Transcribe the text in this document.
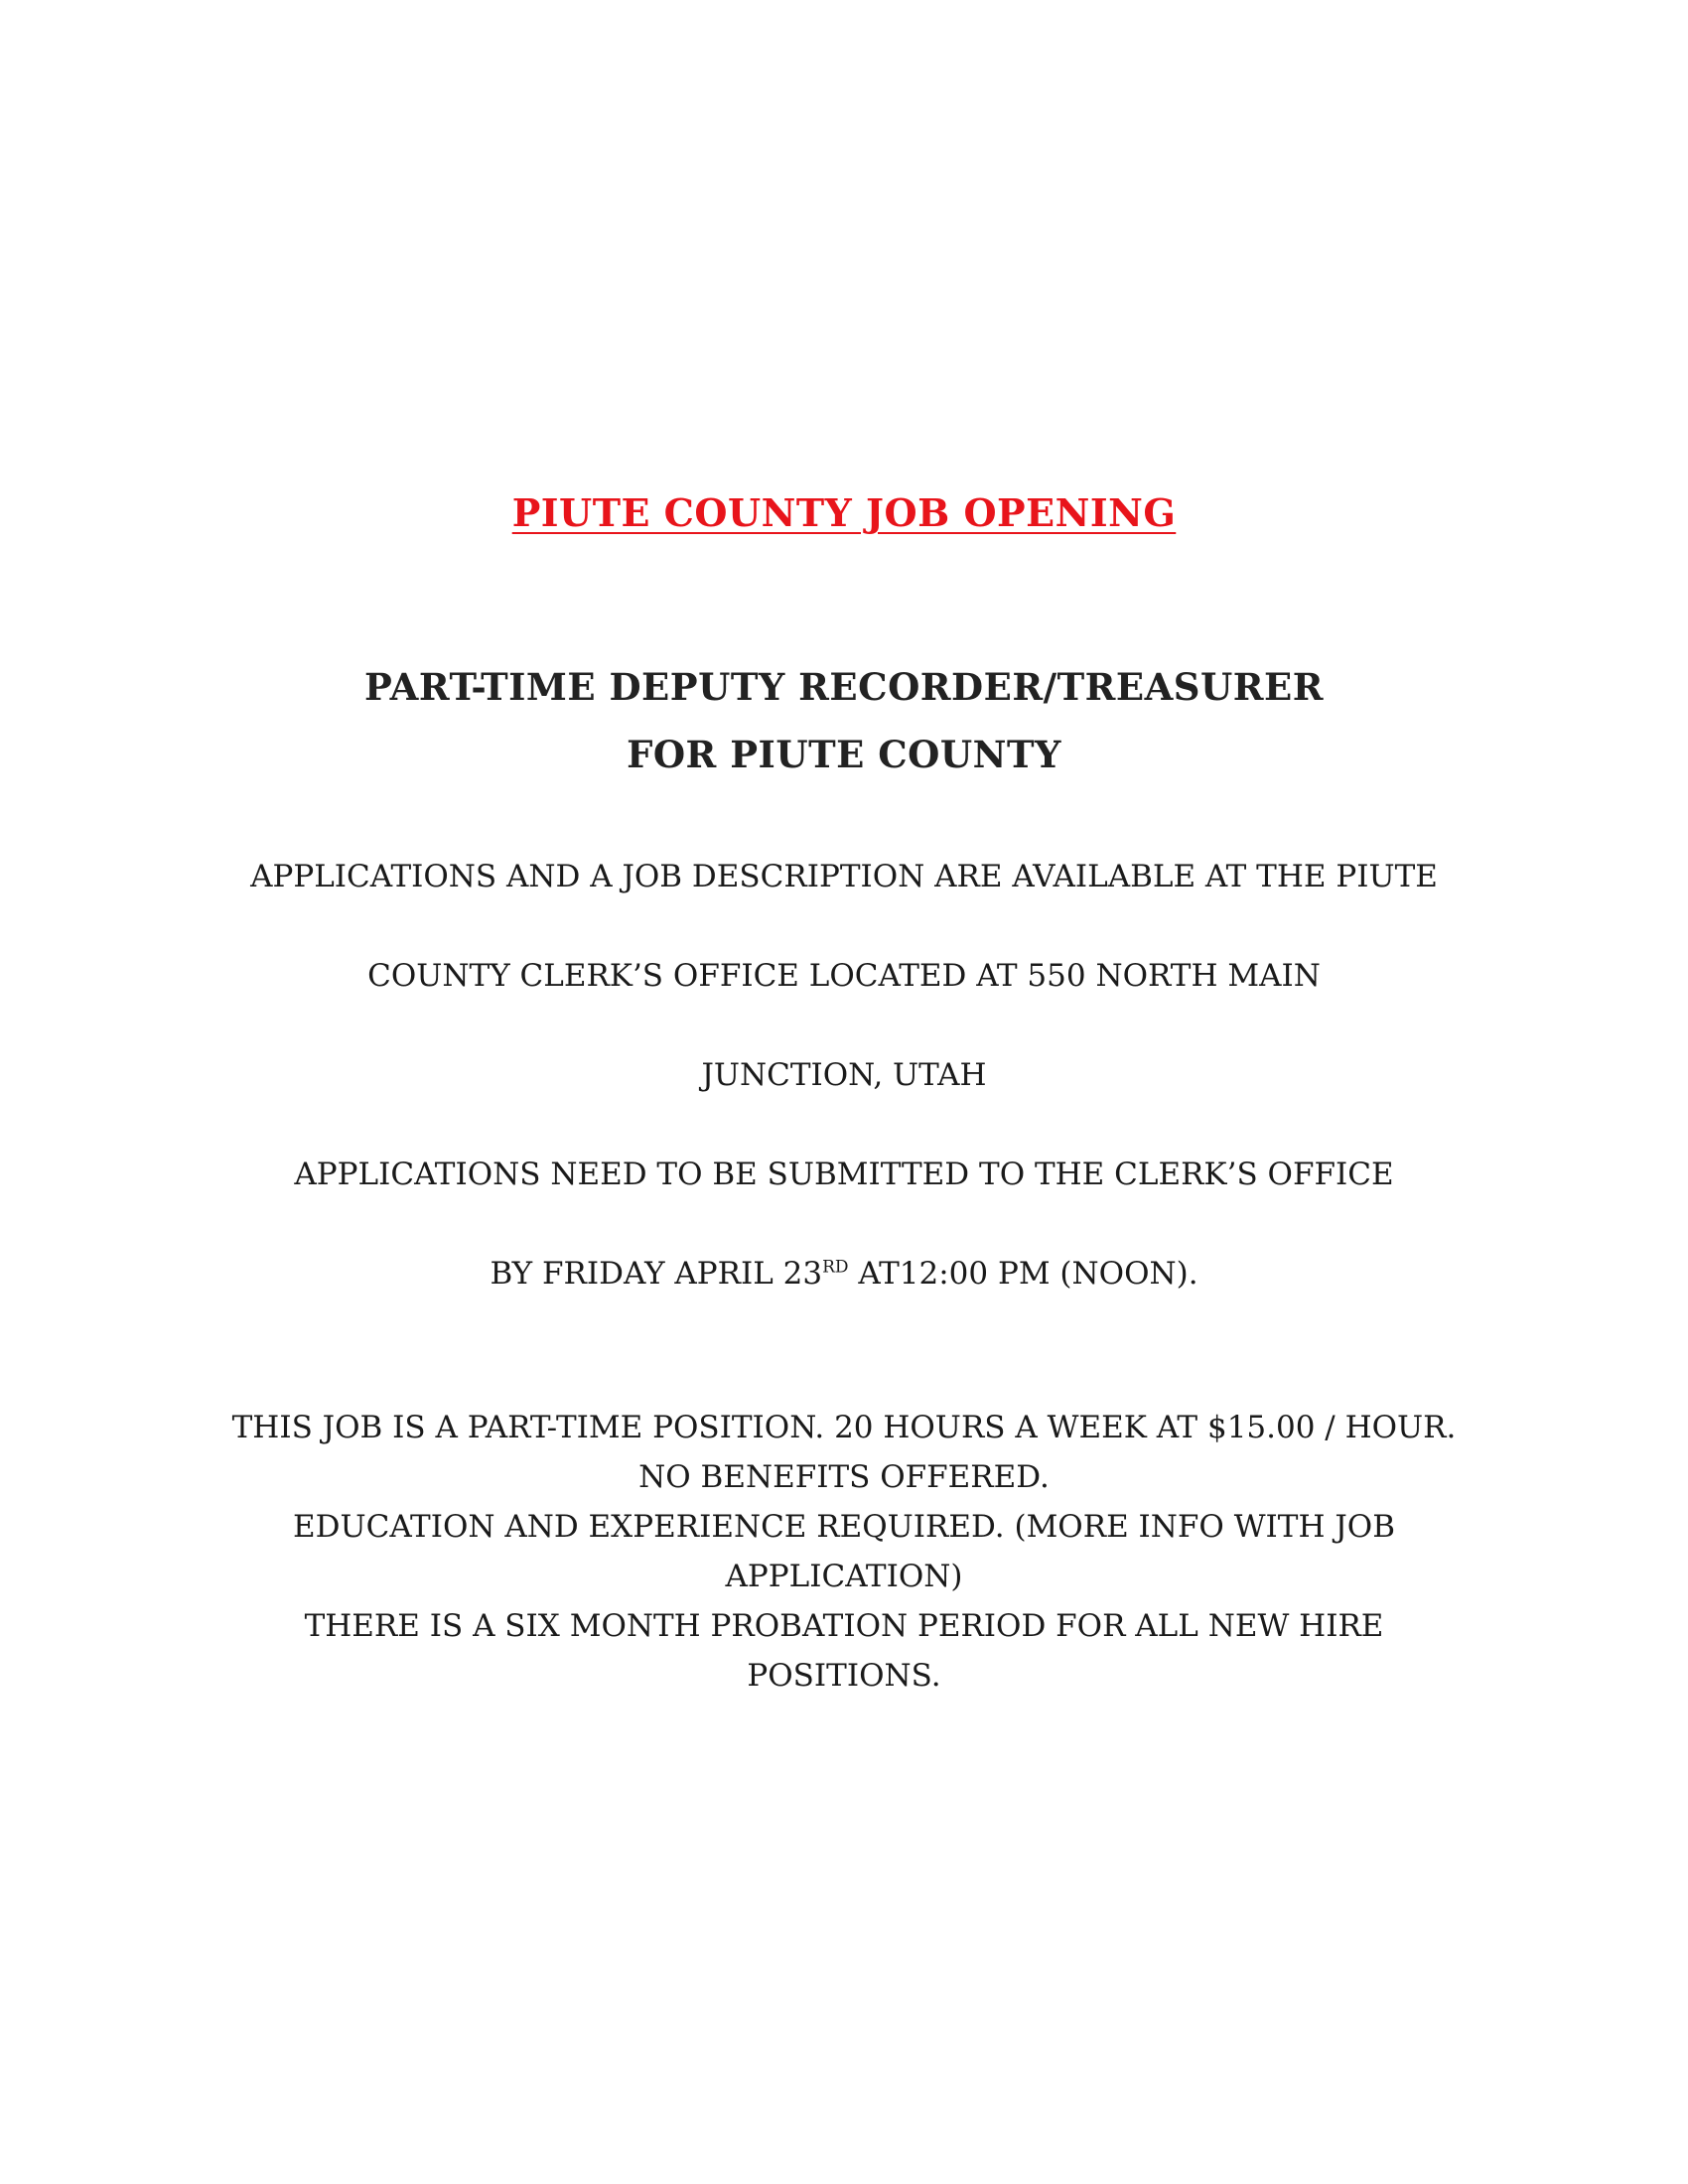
PIUTE COUNTY JOB OPENING
PART-TIME DEPUTY RECORDER/TREASURER
FOR PIUTE COUNTY
APPLICATIONS AND A JOB DESCRIPTION ARE AVAILABLE AT THE PIUTE
COUNTY CLERK’S OFFICE LOCATED AT 550 NORTH MAIN
JUNCTION, UTAH
APPLICATIONS NEED TO BE SUBMITTED TO THE CLERK’S OFFICE
BY FRIDAY APRIL 23RD AT12:00 PM (NOON).
THIS JOB IS A PART-TIME POSITION. 20 HOURS A WEEK AT $15.00 / HOUR.
NO BENEFITS OFFERED.
EDUCATION AND EXPERIENCE REQUIRED. (MORE INFO WITH JOB
APPLICATION)
THERE IS A SIX MONTH PROBATION PERIOD FOR ALL NEW HIRE
POSITIONS.
